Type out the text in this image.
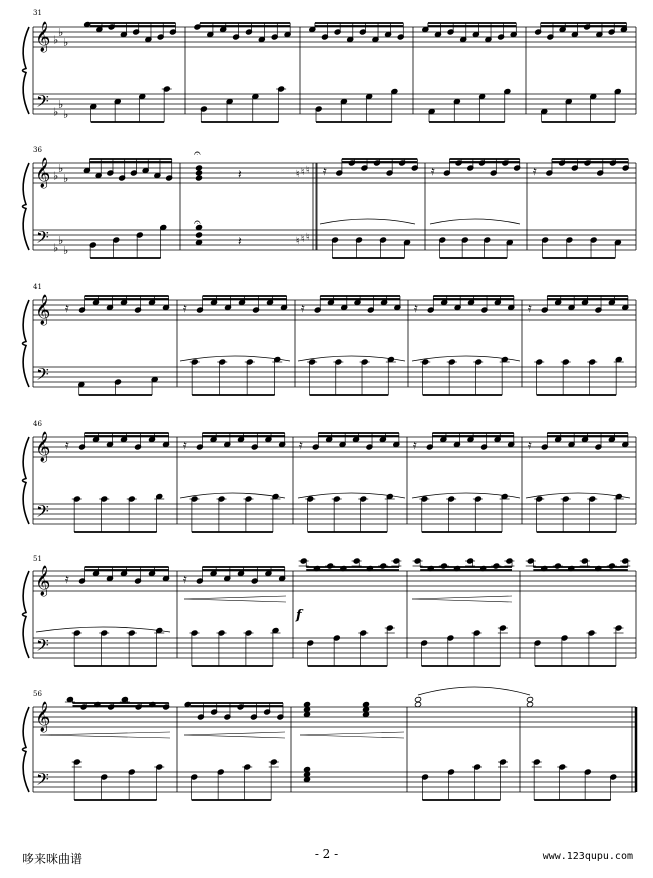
𝄞
𝄢
♭
♭
♭
♭
♭
♭
𝄞
𝄢
♭
♭
♭
♭
♭
♭
𝄞
𝄢
𝄞
𝄢
𝄞
𝄢
𝄞
𝄢
𝄐
𝄐
𝄽
𝄽
♮
♮
♮
♮
♮
♮
𝄿	𝄿	𝄿
𝄿	𝄿	𝄿	𝄿	𝄿
𝄿	𝄿	𝄿	𝄿	𝄿
𝄿	𝄿
- 2 -
哆来咪曲谱	www.123qupu.com
31
36
41
46
51
56
f
